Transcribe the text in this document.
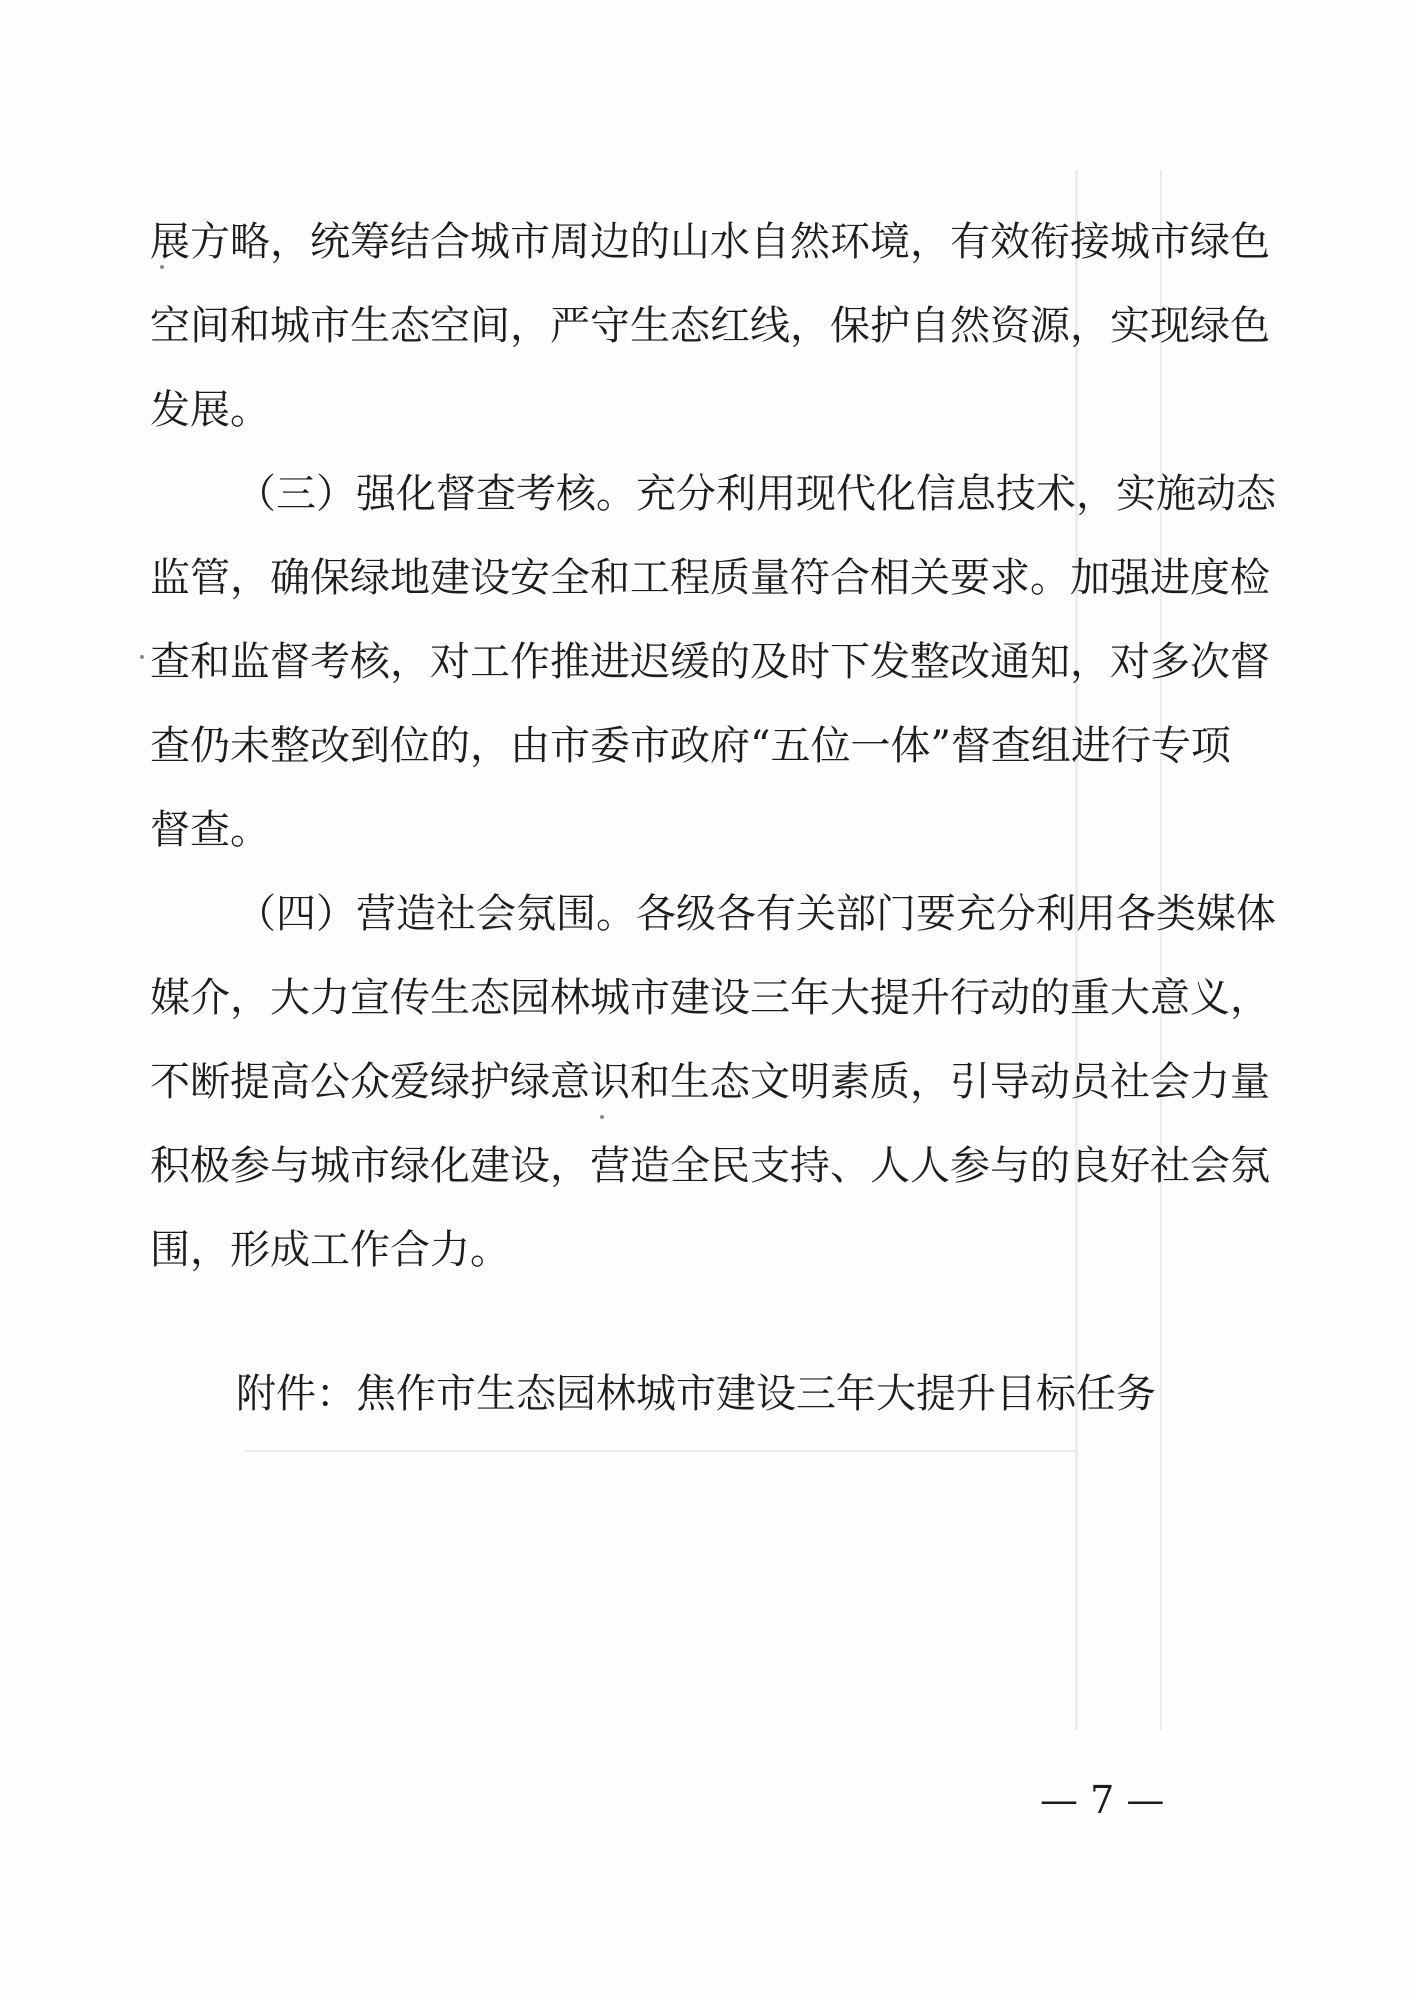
展方略，统筹结合城市周边的山水自然环境，有效衔接城市绿色
空间和城市生态空间，严守生态红线，保护自然资源，实现绿色
发展。
（三）强化督查考核。充分利用现代化信息技术，实施动态
监管，确保绿地建设安全和工程质量符合相关要求。加强进度检
查和监督考核，对工作推进迟缓的及时下发整改通知，对多次督
查仍未整改到位的，由市委市政府“五位一体”督查组进行专项
督查。
（四）营造社会氛围。各级各有关部门要充分利用各类媒体
媒介，大力宣传生态园林城市建设三年大提升行动的重大意义，
不断提高公众爱绿护绿意识和生态文明素质，引导动员社会力量
积极参与城市绿化建设，营造全民支持、人人参与的良好社会氛
围，形成工作合力。
附件：焦作市生态园林城市建设三年大提升目标任务
— 7 —
